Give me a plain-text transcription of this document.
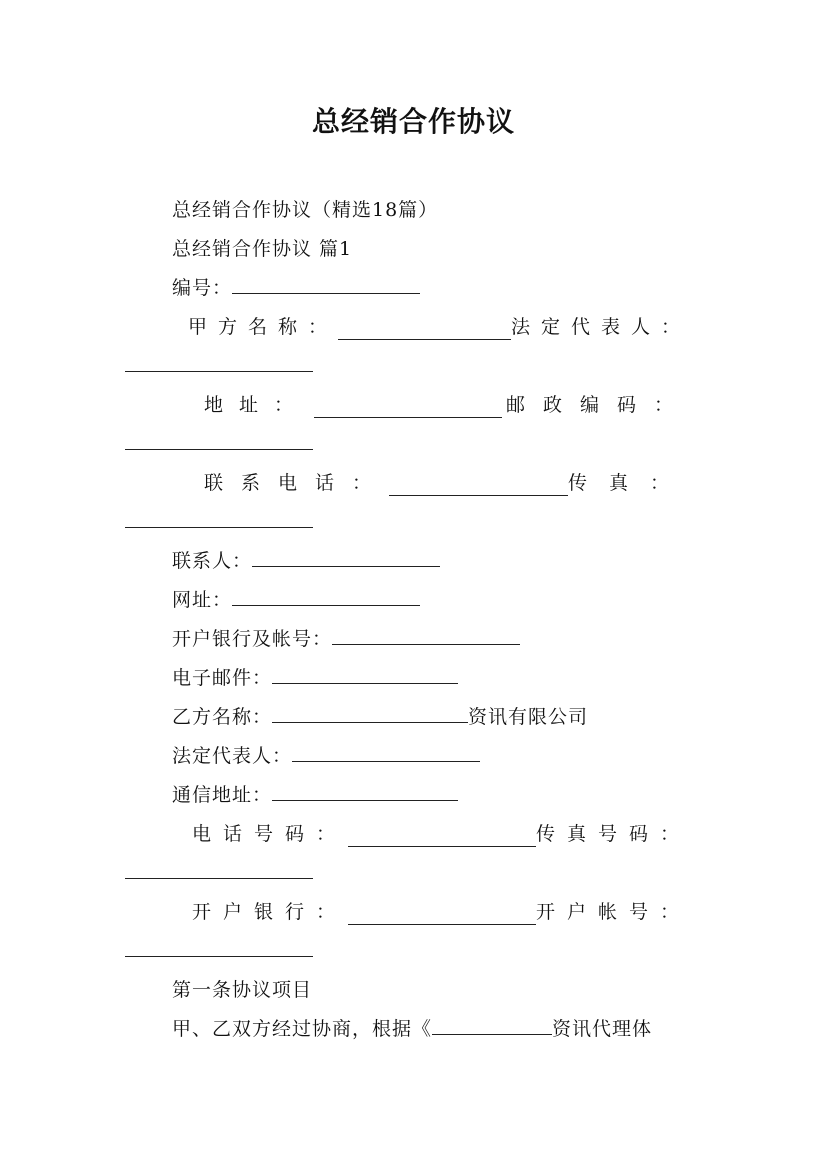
总经销合作协议
总经销合作协议（精选18篇）
总经销合作协议 篇1
编号：
甲方名称：	法定代表人：
地址：	邮政编码：
联系电话：	传真：
联系人：
网址：
开户银行及帐号：
电子邮件：
乙方名称：	资讯有限公司
法定代表人：
通信地址：
电话号码：	传真号码：
开户银行：	开户帐号：
第一条协议项目
甲、乙双方经过协商，根据《	资讯代理体
